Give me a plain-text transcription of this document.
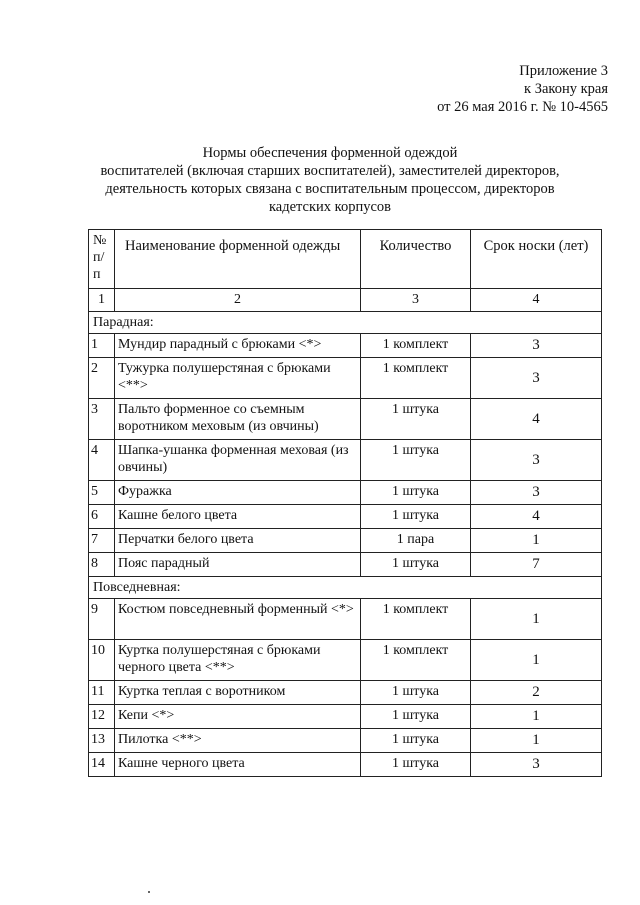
Приложение 3
к Закону края
от 26 мая 2016 г. № 10-4565
Нормы обеспечения форменной одеждой
воспитателей (включая старших воспитателей), заместителей директоров,
деятельность которых связана с воспитательным процессом, директоров
кадетских корпусов
№ п/п	Наименование форменной одежды	Количество	Срок носки (лет)
1	2	3	4
Парадная:			
1	Мундир парадный с брюками <*>	1 комплект	3
2	Тужурка полушерстяная с брюками <**>	1 комплект	3
3	Пальто форменное со съемным воротником меховым (из овчины)	1 штука	4
4	Шапка-ушанка форменная меховая (из овчины)	1 штука	3
5	Фуражка	1 штука	3
6	Кашне белого цвета	1 штука	4
7	Перчатки белого цвета	1 пара	1
8	Пояс парадный	1 штука	7
Повседневная:			
9	Костюм повседневный форменный <*>	1 комплект	1
10	Куртка полушерстяная с брюками черного цвета <**>	1 комплект	1
11	Куртка теплая с воротником	1 штука	2
12	Кепи <*>	1 штука	1
13	Пилотка <**>	1 штука	1
14	Кашне черного цвета	1 штука	3
